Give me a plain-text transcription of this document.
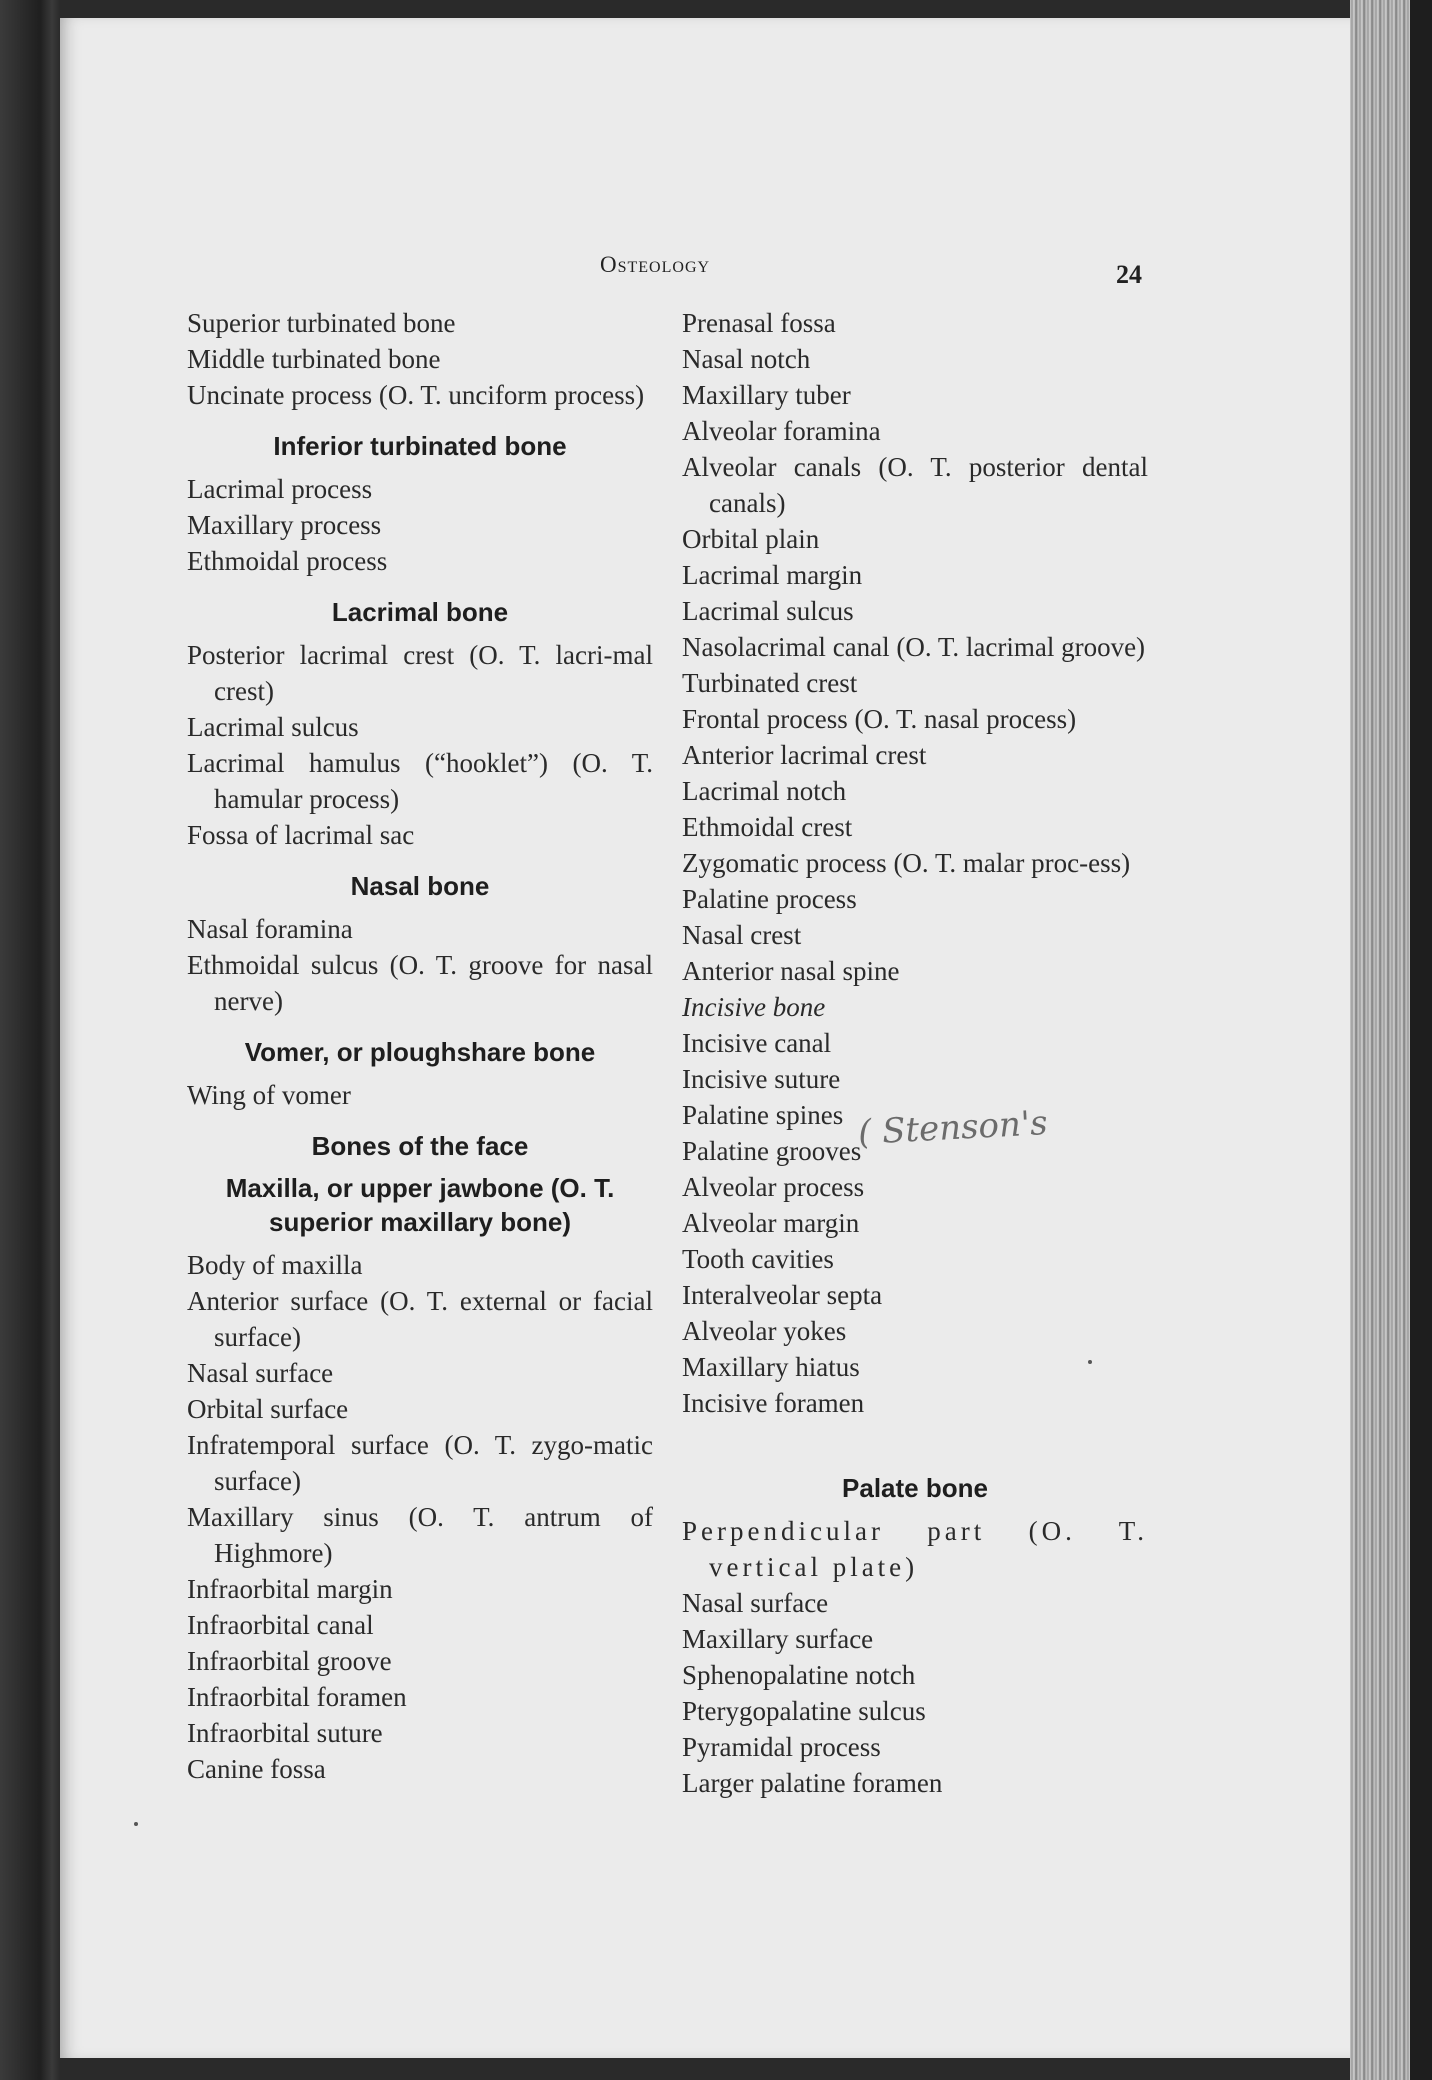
Osteology	24
Superior turbinated bone
Middle turbinated bone
Uncinate process (O. T. unciform process)
Inferior turbinated bone
Lacrimal process
Maxillary process
Ethmoidal process
Lacrimal bone
Posterior lacrimal crest (O. T. lacri-mal crest)
Lacrimal sulcus
Lacrimal hamulus (“hooklet”) (O. T. hamular process)
Fossa of lacrimal sac
Nasal bone
Nasal foramina
Ethmoidal sulcus (O. T. groove for nasal nerve)
Vomer, or ploughshare bone
Wing of vomer
Bones of the face
Maxilla, or upper jawbone (O. T. superior maxillary bone)
Body of maxilla
Anterior surface (O. T. external or facial surface)
Nasal surface
Orbital surface
Infratemporal surface (O. T. zygo-matic surface)
Maxillary sinus (O. T. antrum of Highmore)
Infraorbital margin
Infraorbital canal
Infraorbital groove
Infraorbital foramen
Infraorbital suture
Canine fossa
Prenasal fossa
Nasal notch
Maxillary tuber
Alveolar foramina
Alveolar canals (O. T. posterior dental canals)
Orbital plain
Lacrimal margin
Lacrimal sulcus
Nasolacrimal canal (O. T. lacrimal groove)
Turbinated crest
Frontal process (O. T. nasal process)
Anterior lacrimal crest
Lacrimal notch
Ethmoidal crest
Zygomatic process (O. T. malar proc-ess)
Palatine process
Nasal crest
Anterior nasal spine
Incisive bone
Incisive canal
Incisive suture
Palatine spines
Palatine grooves
Alveolar process
Alveolar margin
Tooth cavities
Interalveolar septa
Alveolar yokes
Maxillary hiatus
Incisive foramen
Palate bone
Perpendicular part (O. T. vertical plate)
Nasal surface
Maxillary surface
Sphenopalatine notch
Pterygopalatine sulcus
Pyramidal process
Larger palatine foramen
( Stenson's
